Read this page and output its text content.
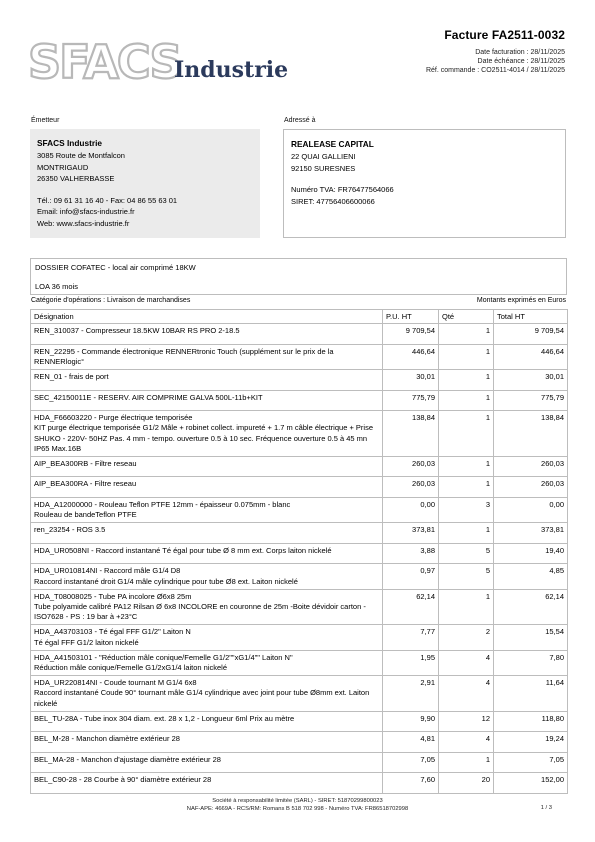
SFACS
Industrie
Facture FA2511-0032
Date facturation : 28/11/2025
Date échéance : 28/11/2025
Réf. commande : CO2511-4014 / 28/11/2025
Émetteur	Adressé à
SFACS Industrie
3085 Route de Montfalcon
MONTRIGAUD
26350 VALHERBASSE
Tél.: 09 61 31 16 40 - Fax: 04 86 55 63 01
Email: info@sfacs-industrie.fr
Web: www.sfacs-industrie.fr
REALEASE CAPITAL
22 QUAI GALLIENI
92150 SURESNES
Numéro TVA: FR76477564066
SIRET: 47756406600066
DOSSIER COFATEC - local air comprimé 18KW
LOA 36 mois
Catégorie d'opérations : Livraison de marchandises	Montants exprimés en Euros
Désignation	P.U. HT	Qté	Total HT

REN_310037 - Compresseur 18.5KW 10BAR RS PRO 2-18.5	9 709,54	1	9 709,54

REN_22295 - Commande électronique RENNERtronic Touch (supplément sur le prix de la RENNERlogic°	446,64	1	446,64

REN_01 - frais de port	30,01	1	30,01

SEC_42150011E - RESERV. AIR COMPRIME GALVA 500L-11b+KIT	775,79	1	775,79

HDA_F66603220 - Purge électrique temporisée
KIT purge électrique temporisée G1/2 Mâle + robinet collect. impureté + 1.7 m câble électrique + Prise SHUKO - 220V- 50HZ Pas. 4 mm - tempo. ouverture 0.5 à 10 sec. Fréquence ouverture 0.5 à 45 mn IP65 Max.16B	138,84	1	138,84

AIP_BEA300RB - Filtre reseau	260,03	1	260,03

AIP_BEA300RA - Filtre reseau	260,03	1	260,03

HDA_A12000000 - Rouleau Teflon PTFE 12mm - épaisseur 0.075mm - blanc
Rouleau de bandeTeflon PTFE	0,00	3	0,00

ren_23254 - ROS 3.5	373,81	1	373,81

HDA_UR0508NI - Raccord instantané Té égal pour tube Ø 8 mm ext. Corps laiton nickelé	3,88	5	19,40

HDA_UR010814NI - Raccord mâle G1/4 D8
Raccord instantané droit G1/4 mâle cylindrique pour tube Ø8 ext. Laiton nickelé	0,97	5	4,85

HDA_T08008025 - Tube PA incolore Ø6x8 25m
Tube polyamide calibré PA12 Rilsan Ø 6x8 INCOLORE en couronne de 25m -Boite dévidoir carton - ISO7628 - PS : 19 bar à +23°C	62,14	1	62,14

HDA_A43703103 - Té égal FFF G1/2" Laiton N
Té égal FFF G1/2 laiton nickelé	7,77	2	15,54

HDA_A41503101 - "Réduction mâle conique/Femelle G1/2""xG1/4"" Laiton N"
Réduction mâle conique/Femelle G1/2xG1/4 laiton nickelé	1,95	4	7,80

HDA_UR220814NI - Coude tournant M G1/4 6x8
Raccord instantané Coude 90° tournant mâle G1/4 cylindrique avec joint pour tube Ø8mm ext. Laiton nickelé	2,91	4	11,64

BEL_TU-28A - Tube inox 304 diam. ext. 28 x 1,2 - Longueur 6ml Prix au mètre	9,90	12	118,80

BEL_M-28 - Manchon diamètre extérieur 28	4,81	4	19,24

BEL_MA-28 - Manchon d'ajustage diamètre extérieur 28	7,05	1	7,05

BEL_C90-28 - 28 Courbe à 90° diamètre extérieur 28	7,60	20	152,00
Société à responsabilité limitée (SARL) - SIRET: 51870299800023
NAF-APE: 4669A - RCS/RM: Romans B 518 702 998 - Numéro TVA: FR86518702998	1 / 3
